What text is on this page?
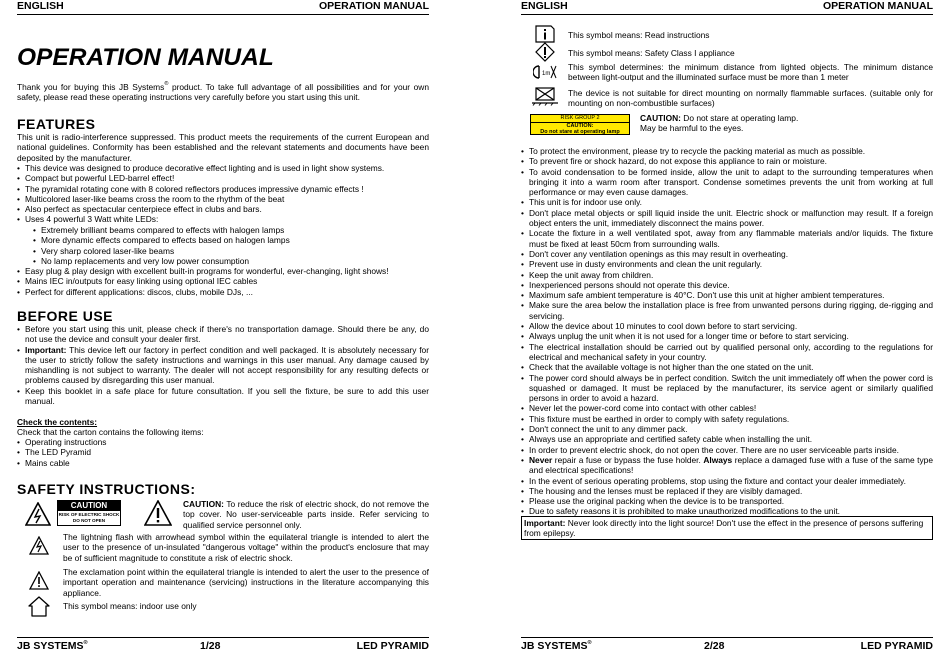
ENGLISH	OPERATION MANUAL
OPERATION MANUAL
Thank you for buying this JB Systems® product. To take full advantage of all possibilities and for your own safety, please read these operating instructions very carefully before you start using this unit.
FEATURES
This unit is radio-interference suppressed. This product meets the requirements of the current European and national guidelines. Conformity has been established and the relevant statements and documents have been deposited by the manufacturer.
• This device was designed to produce decorative effect lighting and is used in light show systems.
• Compact but powerful LED-barrel effect!
• The pyramidal rotating cone with 8 colored reflectors produces impressive dynamic effects !
• Multicolored laser-like beams cross the room to the rhythm of the beat
• Also perfect as spectacular centerpiece effect in clubs and bars.
• Uses 4 powerful 3 Watt white LEDs:
• Extremely brilliant beams compared to effects with halogen lamps
• More dynamic effects compared to effects based on halogen lamps
• Very sharp colored laser-like beams
• No lamp replacements and very low power consumption
• Easy plug & play design with excellent built-in programs for wonderful, ever-changing, light shows!
• Mains IEC in/outputs for easy linking using optional IEC cables
• Perfect for different applications: discos, clubs, mobile DJs, ...
BEFORE USE
• Before you start using this unit, please check if there's no transportation damage. Should there be any, do not use the device and consult your dealer first.
• Important: This device left our factory in perfect condition and well packaged. It is absolutely necessary for the user to strictly follow the safety instructions and warnings in this user manual. Any damage caused by mishandling is not subject to warranty. The dealer will not accept responsibility for any resulting defects or problems caused by disregarding this user manual.
• Keep this booklet in a safe place for future consultation. If you sell the fixture, be sure to add this user manual.
Check the contents:
Check that the carton contains the following items:
• Operating instructions
• The LED Pyramid
• Mains cable
SAFETY INSTRUCTIONS:
CAUTION
RISK OF ELECTRIC SHOCK
DO NOT OPEN
CAUTION: To reduce the risk of electric shock, do not remove the top cover. No user-serviceable parts inside. Refer servicing to qualified service personnel only.
The lightning flash with arrowhead symbol within the equilateral triangle is intended to alert the user to the presence of un-insulated "dangerous voltage" within the product's enclosure that may be of sufficient magnitude to constitute a risk of electric shock.
The exclamation point within the equilateral triangle is intended to alert the user to the presence of important operation and maintenance (servicing) instructions in the literature accompanying this appliance.
This symbol means: indoor use only
JB SYSTEMS®	1/28	LED PYRAMID
ENGLISH	OPERATION MANUAL
This symbol means: Read instructions
This symbol means: Safety Class I appliance
1m
This symbol determines: the minimum distance from lighted objects. The minimum distance between light-output and the illuminated surface must be more than 1 meter
The device is not suitable for direct mounting on normally flammable surfaces. (suitable only for mounting on non-combustible surfaces)
RISK GROUP 2
CAUTION:
Do not stare at operating lamp
CAUTION: Do not stare at operating lamp.
May be harmful to the eyes.
• To protect the environment, please try to recycle the packing material as much as possible.
• To prevent fire or shock hazard, do not expose this appliance to rain or moisture.
• To avoid condensation to be formed inside, allow the unit to adapt to the surrounding temperatures when bringing it into a warm room after transport. Condense sometimes prevents the unit from working at full performance or may even cause damages.
• This unit is for indoor use only.
• Don't place metal objects or spill liquid inside the unit. Electric shock or malfunction may result. If a foreign object enters the unit, immediately disconnect the mains power.
• Locate the fixture in a well ventilated spot, away from any flammable materials and/or liquids. The fixture must be fixed at least 50cm from surrounding walls.
• Don't cover any ventilation openings as this may result in overheating.
• Prevent use in dusty environments and clean the unit regularly.
• Keep the unit away from children.
• Inexperienced persons should not operate this device.
• Maximum safe ambient temperature is 40°C. Don't use this unit at higher ambient temperatures.
• Make sure the area below the installation place is free from unwanted persons during rigging, de-rigging and servicing.
• Allow the device about 10 minutes to cool down before to start servicing.
• Always unplug the unit when it is not used for a longer time or before to start servicing.
• The electrical installation should be carried out by qualified personal only, according to the regulations for electrical and mechanical safety in your country.
• Check that the available voltage is not higher than the one stated on the unit.
• The power cord should always be in perfect condition. Switch the unit immediately off when the power cord is squashed or damaged. It must be replaced by the manufacturer, its service agent or similarly qualified persons in order to avoid a hazard.
• Never let the power-cord come into contact with other cables!
• This fixture must be earthed in order to comply with safety regulations.
• Don't connect the unit to any dimmer pack.
• Always use an appropriate and certified safety cable when installing the unit.
• In order to prevent electric shock, do not open the cover. There are no user serviceable parts inside.
• Never repair a fuse or bypass the fuse holder. Always replace a damaged fuse with a fuse of the same type and electrical specifications!
• In the event of serious operating problems, stop using the fixture and contact your dealer immediately.
• The housing and the lenses must be replaced if they are visibly damaged.
• Please use the original packing when the device is to be transported.
• Due to safety reasons it is prohibited to make unauthorized modifications to the unit.
Important: Never look directly into the light source! Don't use the effect in the presence of persons suffering from epilepsy.
JB SYSTEMS®	2/28	LED PYRAMID
